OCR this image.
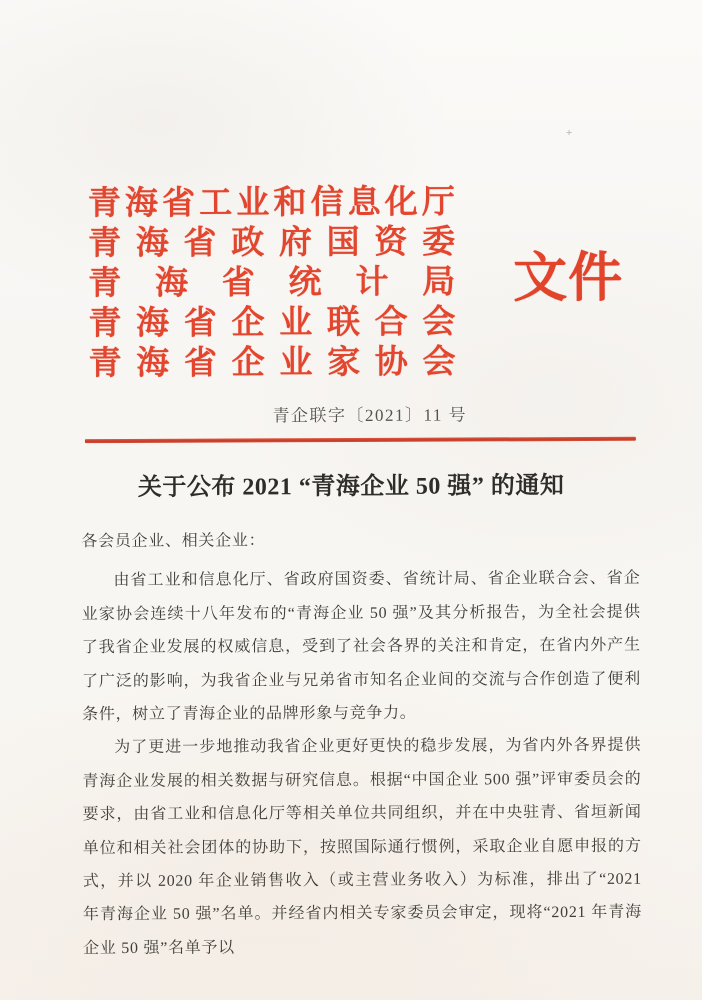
青海省工业和信息化厅
青海省政府国资委
青海省统计局
青海省企业联合会
青海省企业家协会
文件
青企联字〔2021〕11 号
关于公布 2021 “青海企业 50 强” 的通知
各会员企业、相关企业：

由省工业和信息化厅、省政府国资委、省统计局、省企业联合会、省企业家协会连续十八年发布的“青海企业 50 强”及其分析报告，为全社会提供了我省企业发展的权威信息，受到了社会各界的关注和肯定，在省内外产生了广泛的影响，为我省企业与兄弟省市知名企业间的交流与合作创造了便利条件，树立了青海企业的品牌形象与竞争力。

为了更进一步地推动我省企业更好更快的稳步发展，为省内外各界提供青海企业发展的相关数据与研究信息。根据“中国企业 500 强”评审委员会的要求，由省工业和信息化厅等相关单位共同组织，并在中央驻青、省垣新闻单位和相关社会团体的协助下，按照国际通行惯例，采取企业自愿申报的方式，并以 2020 年企业销售收入（或主营业务收入）为标准，排出了“2021 年青海企业 50 强”名单。并经省内相关专家委员会审定，现将“2021 年青海企业 50 强”名单予以
